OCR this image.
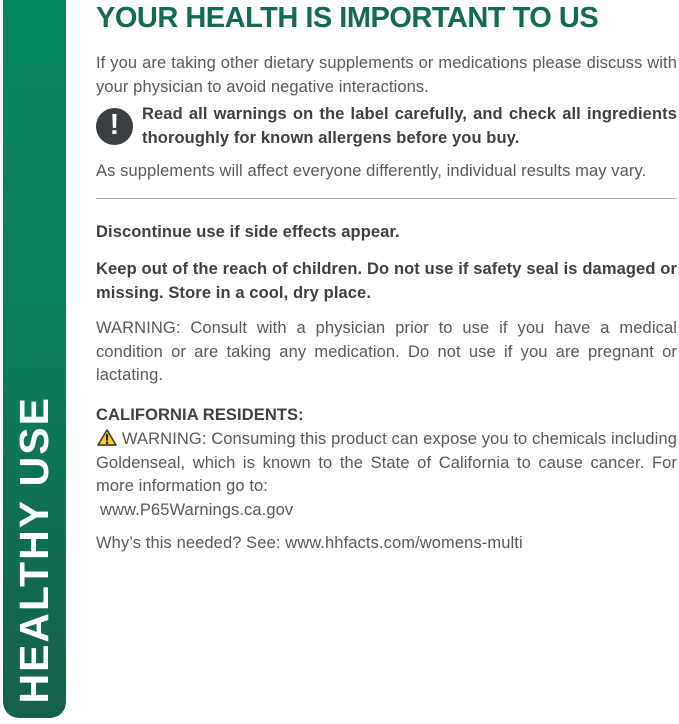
HEALTHY USE
YOUR HEALTH IS IMPORTANT TO US

If you are taking other dietary supplements or medications please discuss with your physician to avoid negative interactions.

! Read all warnings on the label carefully, and check all ingredients thoroughly for known allergens before you buy.

As supplements will affect everyone differently, individual results may vary.

Discontinue use if side effects appear.

Keep out of the reach of children. Do not use if safety seal is damaged or missing. Store in a cool, dry place.

WARNING: Consult with a physician prior to use if you have a medical condition or are taking any medication. Do not use if you are pregnant or lactating.

CALIFORNIA RESIDENTS:

WARNING: Consuming this product can expose you to chemicals including Goldenseal, which is known to the State of California to cause cancer. For more information go to:
www.P65Warnings.ca.gov

Why’s this needed? See: www.hhfacts.com/womens-multi
